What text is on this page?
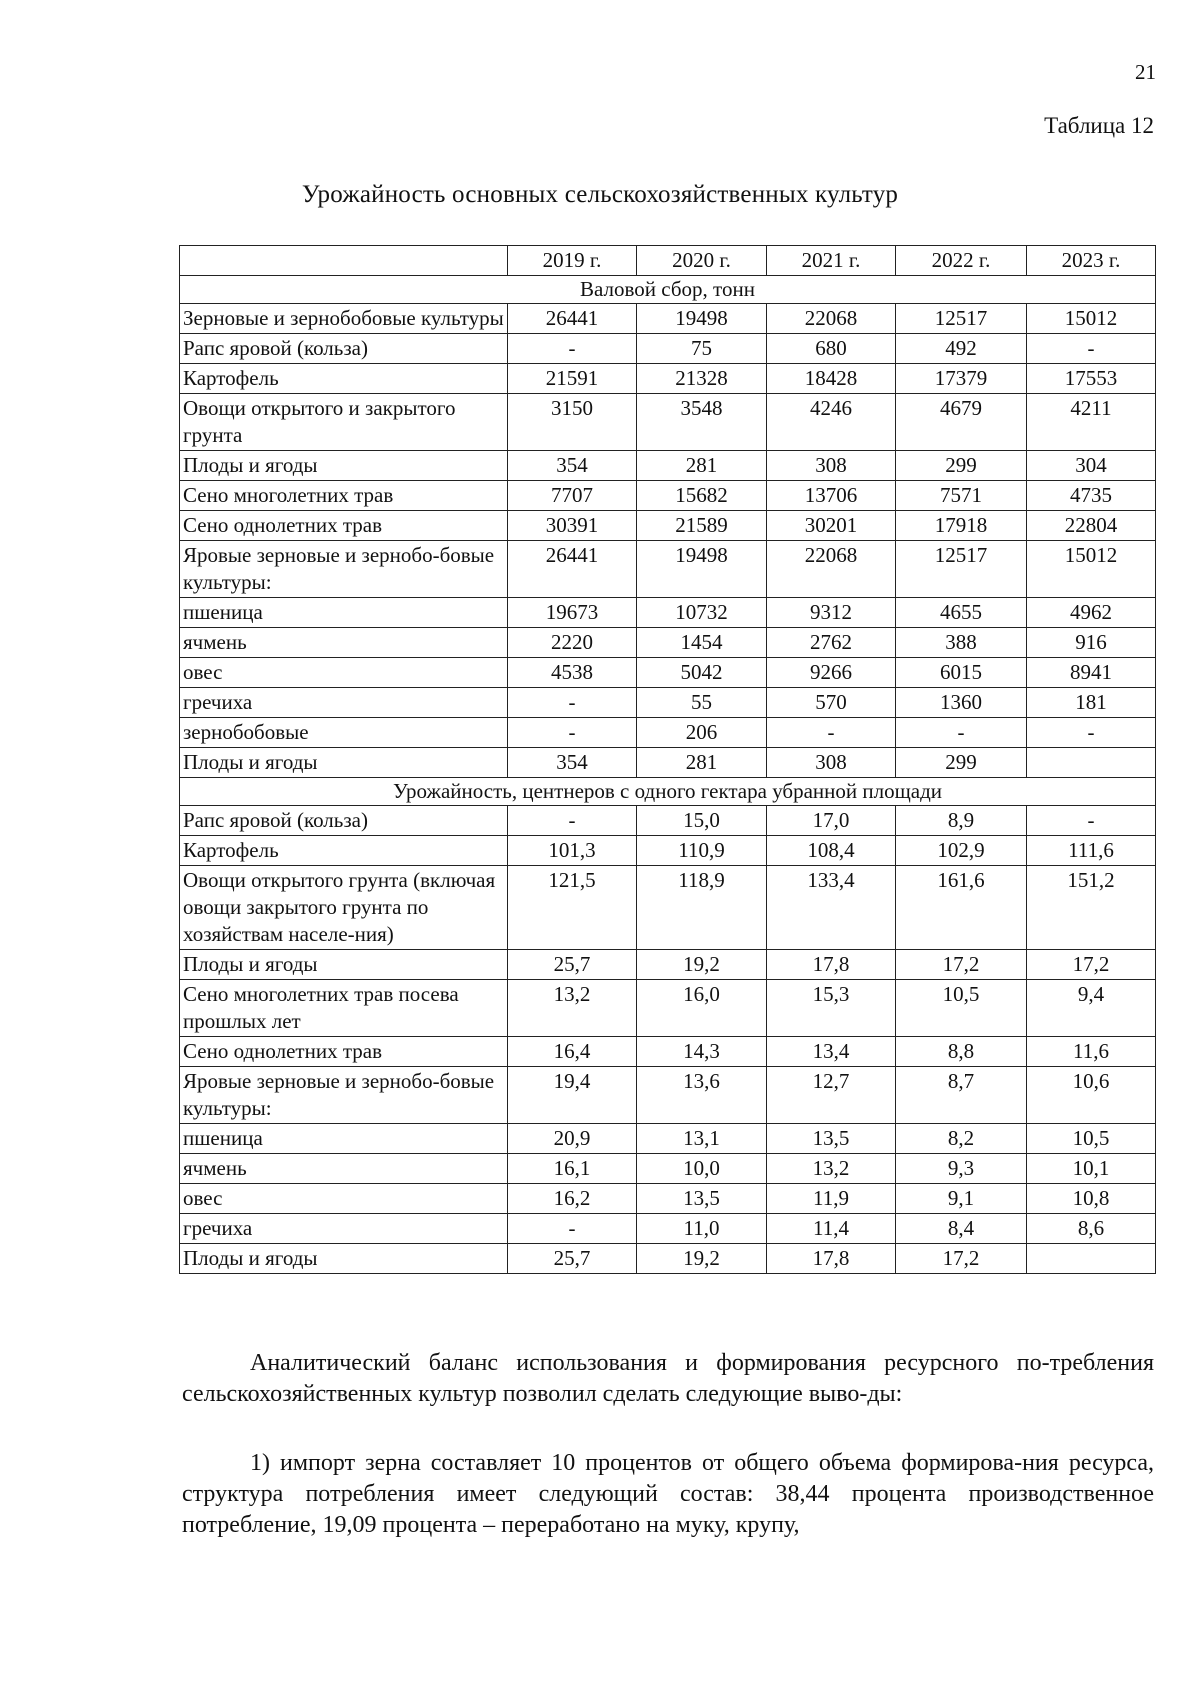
21
Таблица 12
Урожайность основных сельскохозяйственных культур
	2019 г.	2020 г.	2021 г.	2022 г.	2023 г.
Валовой сбор, тонн					
Зерновые и зернобобовые культуры	26441	19498	22068	12517	15012
Рапс яровой (кольза)	-	75	680	492	-
Картофель	21591	21328	18428	17379	17553
Овощи открытого и закрытого грунта	3150	3548	4246	4679	4211
Плоды и ягоды	354	281	308	299	304
Сено многолетних трав	7707	15682	13706	7571	4735
Сено однолетних трав	30391	21589	30201	17918	22804
Яровые зерновые и зернобо-бовые культуры:	26441	19498	22068	12517	15012
пшеница	19673	10732	9312	4655	4962
ячмень	2220	1454	2762	388	916
овес	4538	5042	9266	6015	8941
гречиха	-	55	570	1360	181
зернобобовые	-	206	-	-	-
Плоды и ягоды	354	281	308	299	
Урожайность, центнеров с одного гектара убранной площади					
Рапс яровой (кольза)	-	15,0	17,0	8,9	-
Картофель	101,3	110,9	108,4	102,9	111,6
Овощи открытого грунта (включая овощи закрытого грунта по хозяйствам населе-ния)	121,5	118,9	133,4	161,6	151,2
Плоды и ягоды	25,7	19,2	17,8	17,2	17,2
Сено многолетних трав посева прошлых лет	13,2	16,0	15,3	10,5	9,4
Сено однолетних трав	16,4	14,3	13,4	8,8	11,6
Яровые зерновые и зернобо-бовые культуры:	19,4	13,6	12,7	8,7	10,6
пшеница	20,9	13,1	13,5	8,2	10,5
ячмень	16,1	10,0	13,2	9,3	10,1
овес	16,2	13,5	11,9	9,1	10,8
гречиха	-	11,0	11,4	8,4	8,6
Плоды и ягоды	25,7	19,2	17,8	17,2	
Аналитический баланс использования и формирования ресурсного по-требления сельскохозяйственных культур позволил сделать следующие выво-ды:
1) импорт зерна составляет 10 процентов от общего объема формирова-ния ресурса, структура потребления имеет следующий состав: 38,44 процента производственное потребление, 19,09 процента – переработано на муку, крупу,
